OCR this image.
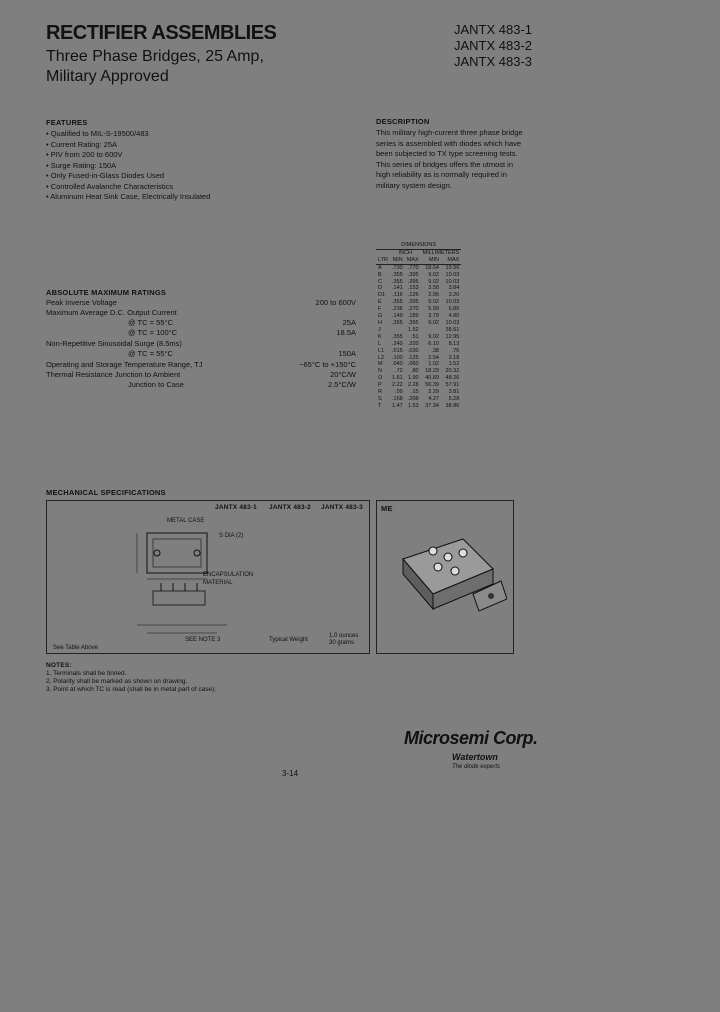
RECTIFIER ASSEMBLIES
Three Phase Bridges, 25 Amp, Military Approved
JANTX 483-1
JANTX 483-2
JANTX 483-3
FEATURES
• Qualified to MIL-S-19500/483
• Current Rating: 25A
• PIV from 200 to 600V
• Surge Rating: 150A
• Only Fused-in-Glass Diodes Used
• Controlled Avalanche Characteristics
• Aluminum Heat Sink Case, Electrically Insulated
DESCRIPTION
This military high-current three phase bridge series is assembled with diodes which have been subjected to TX type screening tests. This series of bridges offers the utmost in high reliability as is normally required in military system design.
ABSOLUTE MAXIMUM RATINGS
Peak Inverse Voltage	200 to 600V
Maximum Average D.C. Output Current
@ TC = 55°C	25A
@ TC = 100°C	18.5A
Non-Repetitive Sinusoidal Surge (8.5ms)
@ TC = 55°C	150A
Operating and Storage Temperature Range, TJ	−65°C to +150°C
Thermal Resistance Junction to Ambient	20°C/W
Junction to Case	2.5°C/W
DIMENSIONS				
	INCH		MILLIMETERS	
LTR	MIN	MAX	MIN	MAX
A	.730	.770	18.54	19.56
B	.355	.395	9.02	10.03
C	.355	.395	9.02	10.03
D	.141	.153	3.58	3.84
D1	.116	.126	2.95	3.20
E	.355	.395	9.02	10.03
F	.236	.270	5.99	6.86
G	.149	.189	3.79	4.80
H	.355	.395	9.02	10.03
J		1.52		38.61
K	.355	.51	9.02	12.95
L	.240	.320	6.10	8.13
L1	.015	.030	.38	.76
L2	.100	.125	2.54	3.18
M	.040	.060	1.02	1.52
N	.72	.80	18.29	20.32
O	1.61	1.90	40.89	48.26
P	2.22	2.28	56.39	57.91
R	.09	.15	2.29	3.81
S	.168	.208	4.27	5.28
T	1.47	1.53	37.34	38.86
MECHANICAL SPECIFICATIONS
JANTX 483-1 JANTX 483-2 JANTX 483-3
METAL CASE
S DIA (2)
ENCAPSULATION MATERIAL
SEE NOTE 3
See Table Above
Typical Weight
1.0 ounces 30 grams
ME
NOTES:
1. Terminals shall be tinned.
2. Polarity shall be marked as shown on drawing.
3. Point at which TC is read (shall be in metal part of case).
Microsemi Corp.
Watertown
The diode experts
3-14
